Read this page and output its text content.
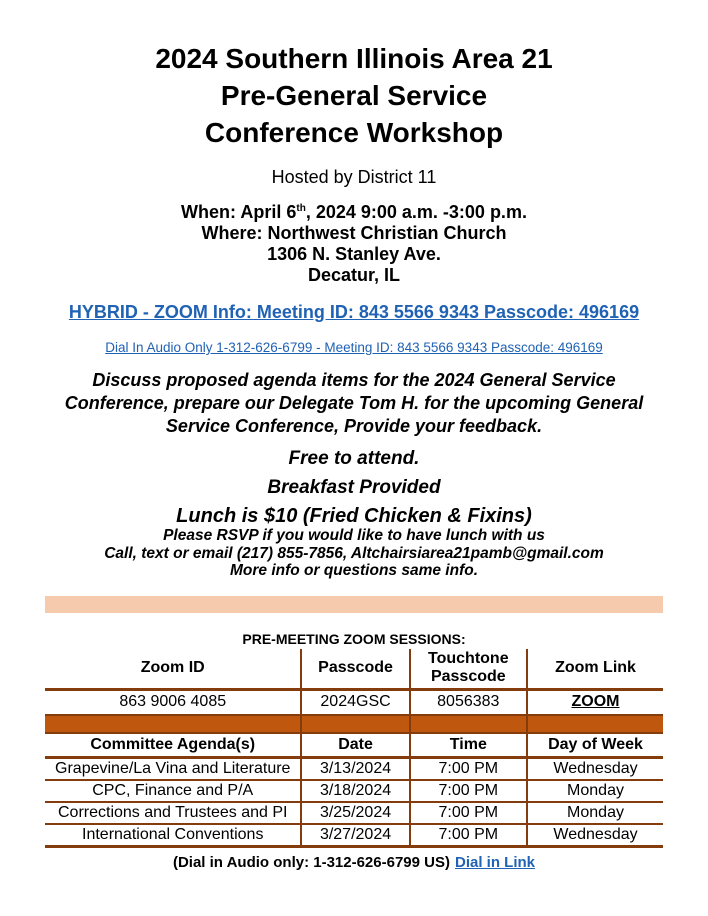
2024 Southern Illinois Area 21
Pre-General Service
Conference Workshop
Hosted by District 11
When: April 6th, 2024 9:00 a.m. -3:00 p.m.
Where: Northwest Christian Church
1306 N. Stanley Ave.
Decatur, IL
HYBRID - ZOOM Info: Meeting ID: 843 5566 9343 Passcode: 496169
Dial In Audio Only 1-312-626-6799 - Meeting ID: 843 5566 9343 Passcode: 496169
Discuss proposed agenda items for the 2024 General Service
Conference, prepare our Delegate Tom H. for the upcoming General
Service Conference, Provide your feedback.
Free to attend.
Breakfast Provided
Lunch is $10 (Fried Chicken & Fixins)
Please RSVP if you would like to have lunch with us
Call, text or email (217) 855-7856, Altchairsiarea21pamb@gmail.com
More info or questions same info.
PRE-MEETING ZOOM SESSIONS:
Zoom ID	Passcode	Touchtone Passcode	Zoom Link
863 9006 4085	2024GSC	8056383	ZOOM

Committee Agenda(s)	Date	Time	Day of Week
Grapevine/La Vina and Literature	3/13/2024	7:00 PM	Wednesday
CPC, Finance and P/A	3/18/2024	7:00 PM	Monday
Corrections and Trustees and PI	3/25/2024	7:00 PM	Monday
International Conventions	3/27/2024	7:00 PM	Wednesday
(Dial in Audio only: 1-312-626-6799 US) Dial in Link
